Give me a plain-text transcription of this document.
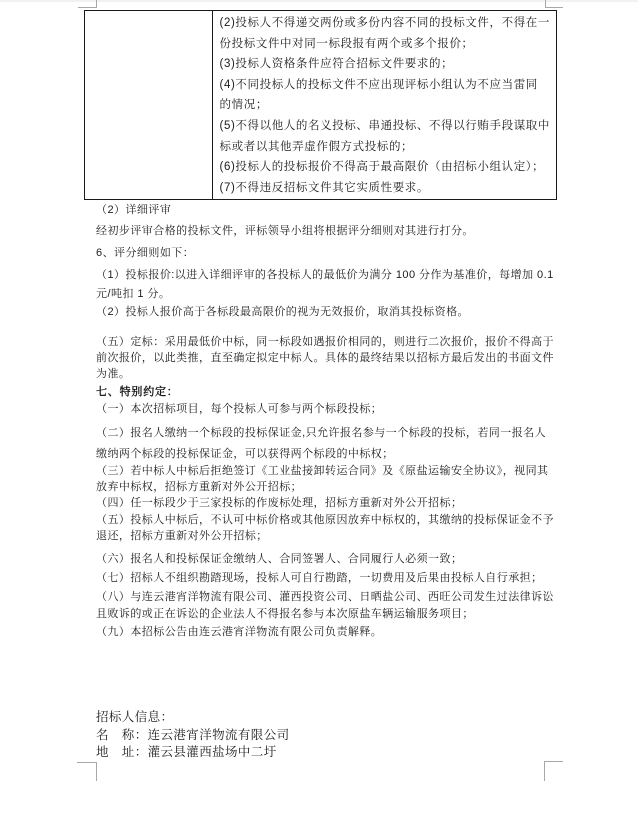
(2)投标人不得递交两份或多份内容不同的投标文件，不得在一
份投标文件中对同一标段报有两个或多个报价；
(3)投标人资格条件应符合招标文件要求的；
(4)不同投标人的投标文件不应出现评标小组认为不应当雷同
的情况；
(5)不得以他人的名义投标、串通投标、不得以行贿手段谋取中
标或者以其他弄虚作假方式投标的；
(6)投标人的投标报价不得高于最高限价（由招标小组认定）；
(7)不得违反招标文件其它实质性要求。
（2）详细评审
经初步评审合格的投标文件，评标领导小组将根据评分细则对其进行打分。
6、评分细则如下：
（1）投标报价:以进入详细评审的各投标人的最低价为满分 100 分作为基准价，每增加 0.1
元/吨扣 1 分。
（2）投标人报价高于各标段最高限价的视为无效报价，取消其投标资格。
（五）定标：采用最低价中标，同一标段如遇报价相同的，则进行二次报价，报价不得高于
前次报价，以此类推，直至确定拟定中标人。具体的最终结果以招标方最后发出的书面文件
为准。
七、特别约定：
（一）本次招标项目，每个投标人可参与两个标段投标；
（二）报名人缴纳一个标段的投标保证金,只允许报名参与一个标段的投标，若同一报名人
缴纳两个标段的投标保证金，可以获得两个标段的中标权；
（三）若中标人中标后拒绝签订《工业盐接卸转运合同》及《原盐运输安全协议》，视同其
放弃中标权，招标方重新对外公开招标；
（四）任一标段少于三家投标的作废标处理，招标方重新对外公开招标；
（五）投标人中标后，不认可中标价格或其他原因放弃中标权的，其缴纳的投标保证金不予
退还，招标方重新对外公开招标；
（六）报名人和投标保证金缴纳人、合同签署人、合同履行人必须一致；
（七）招标人不组织勘踏现场，投标人可自行勘踏，一切费用及后果由投标人自行承担；
（八）与连云港宵洋物流有限公司、灌西投资公司、日晒盐公司、西旺公司发生过法律诉讼
且败诉的或正在诉讼的企业法人不得报名参与本次原盐车辆运输服务项目；
（九）本招标公告由连云港宵洋物流有限公司负责解释。
招标人信息：
名　称：连云港宵洋物流有限公司
地　址：灌云县灌西盐场中二圩
